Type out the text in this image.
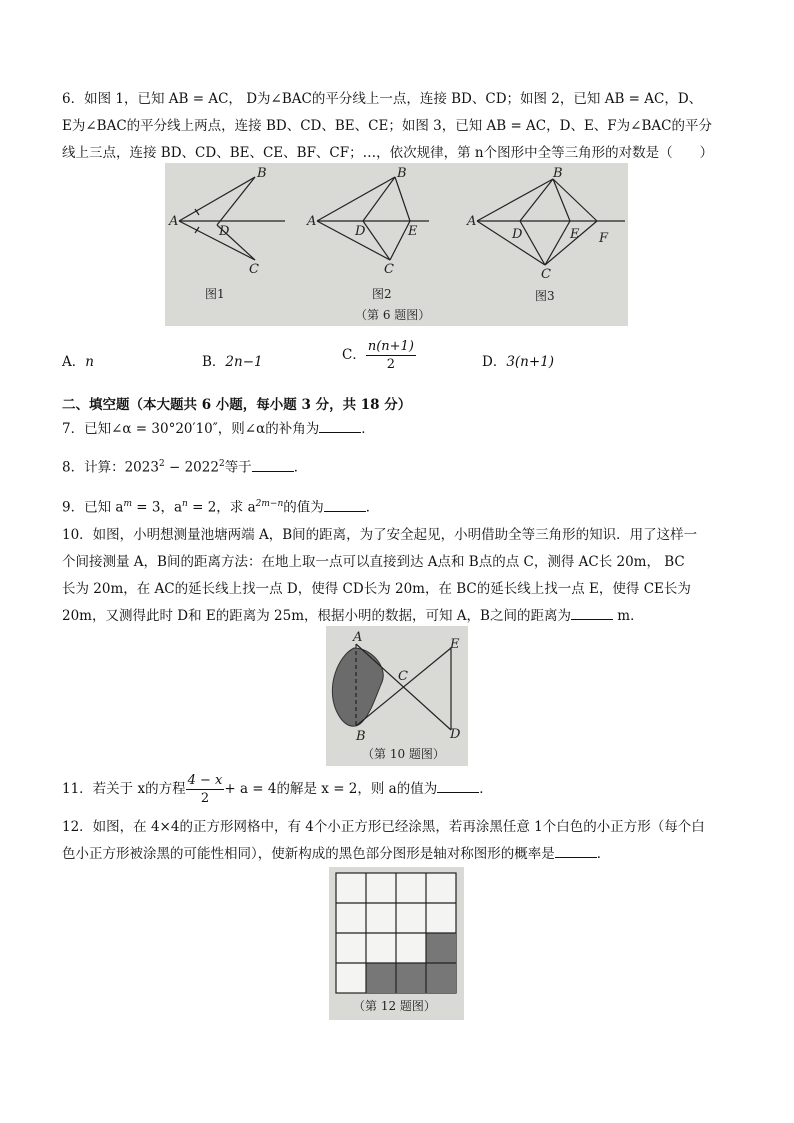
6．如图 1，已知 AB = AC， D为∠BAC的平分线上一点，连接 BD、CD；如图 2，已知 AB = AC，D、
E为∠BAC的平分线上两点，连接 BD、CD、BE、CE；如图 3，已知 AB = AC，D、E、F为∠BAC的平分
线上三点，连接 BD、CD、BE、CE、BF、CF；…，依次规律，第 n个图形中全等三角形的对数是（　　）
A
B
C
D
图1
A
B
C
D	E
图2
A
B
C
D	E F
图3
（第 6 题图）
A．n	B．2n−1	C． $\frac{n(n+1)}{2}$	D．3(n+1)
二、填空题（本大题共 6 小题，每小题 3 分，共 18 分）
7．已知∠α = 30°20′10″，则∠α的补角为	．
8．计算：$2023^2 - 2022^2$等于	．
9．已知 $a^m = 3$，$a^n = 2$，求 $a^{2m-n}$的值为	．
10．如图，小明想测量池塘两端 A，B间的距离，为了安全起见，小明借助全等三角形的知识．用了这样一
个间接测量 A，B间的距离方法：在地上取一点可以直接到达 A点和 B点的点 C，测得 AC长 20m， BC
长为 20m，在 AC的延长线上找一点 D，使得 CD长为 20m，在 BC的延长线上找一点 E，使得 CE长为
20m，又测得此时 D和 E的距离为 25m，根据小明的数据，可知 A，B之间的距离为	m．
A
B
C
D
E
（第 10 题图）
11．若关于 x的方程 $\frac{4 - x}{2} + a = 4$的解是 x = 2，则 a的值为	．
12．如图，在 4×4的正方形网格中，有 4个小正方形已经涂黑，若再涂黑任意 1个白色的小正方形（每个白
色小正方形被涂黑的可能性相同），使新构成的黑色部分图形是轴对称图形的概率是	．
（第 12 题图）
